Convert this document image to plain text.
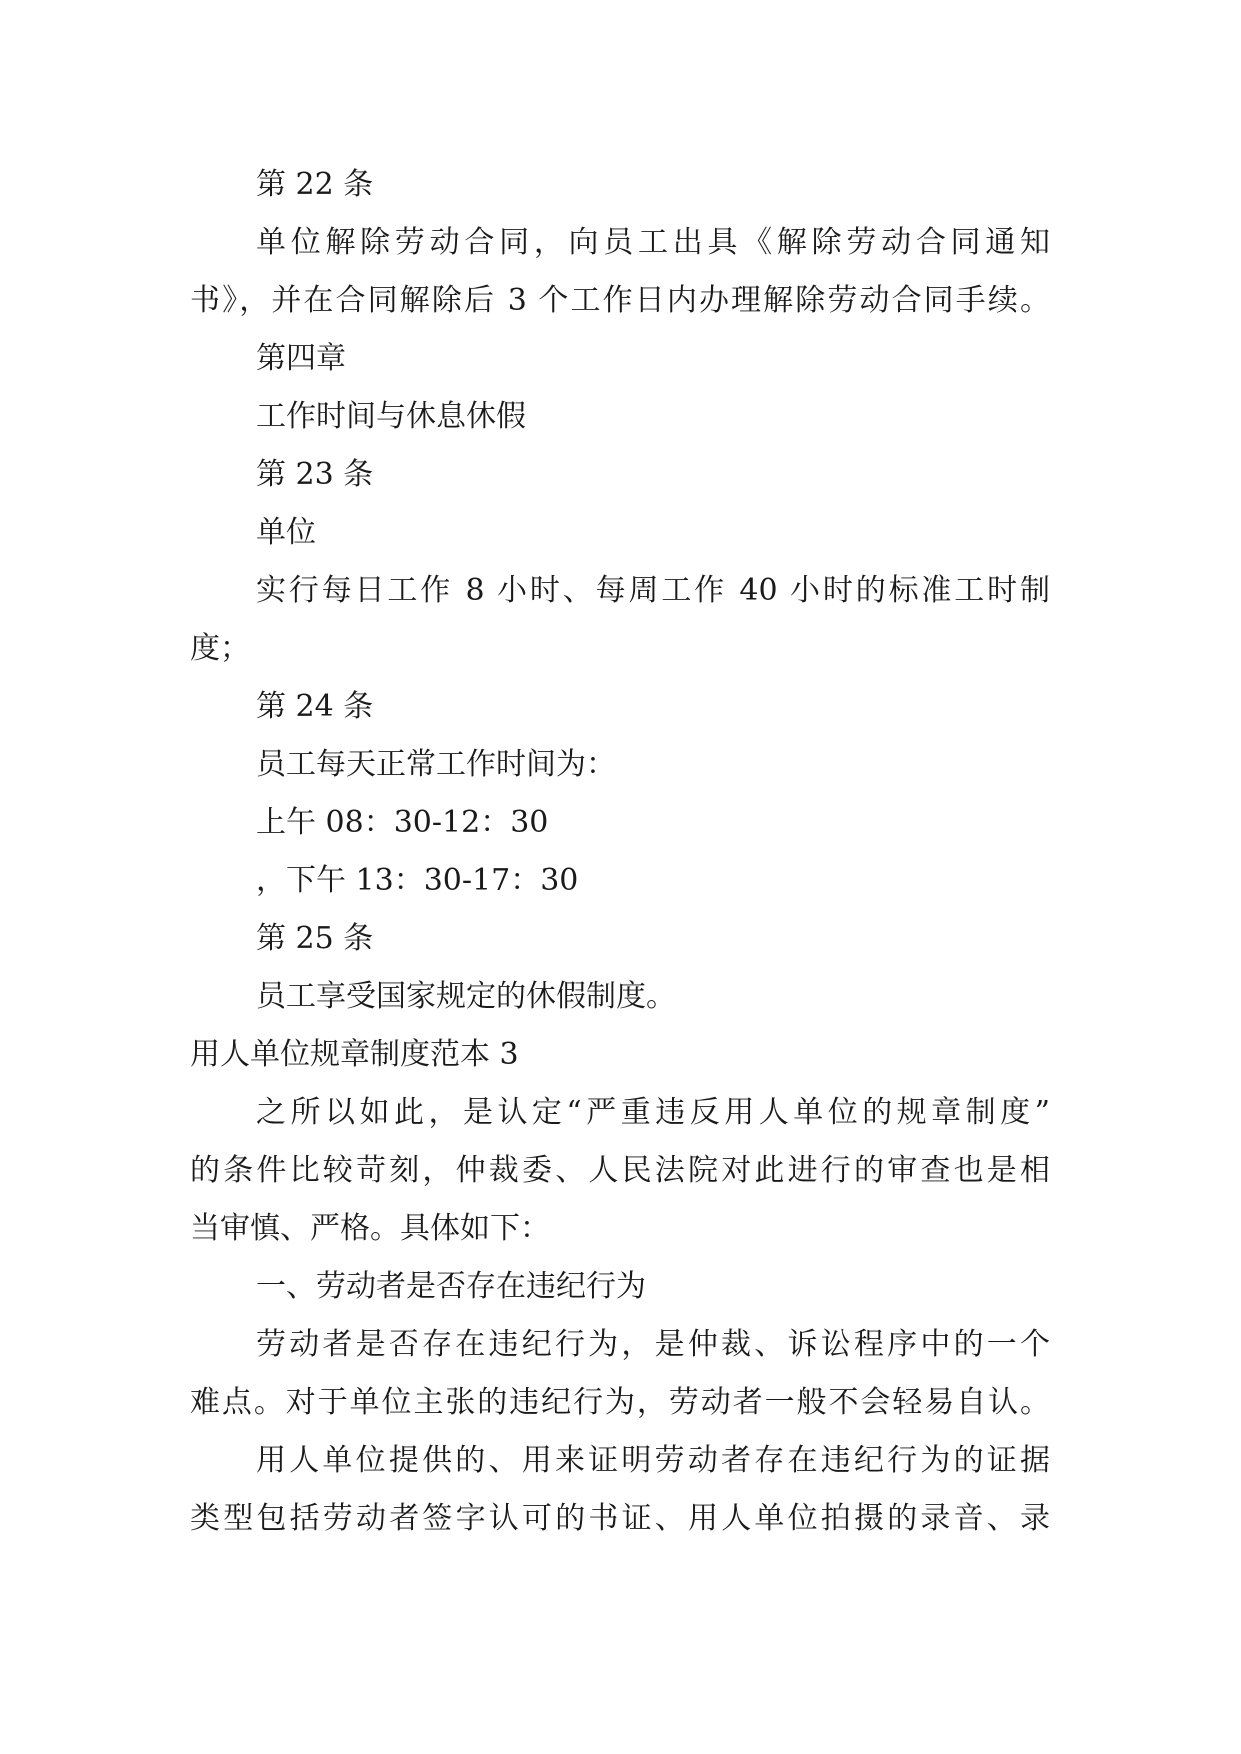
第 22 条
单位解除劳动合同，向员工出具《解除劳动合同通知
书》，并在合同解除后 3 个工作日内办理解除劳动合同手续。
第四章
工作时间与休息休假
第 23 条
单位
实行每日工作 8 小时、每周工作 40 小时的标准工时制
度；
第 24 条
员工每天正常工作时间为：
上午 08：30-12：30
，下午 13：30-17：30
第 25 条
员工享受国家规定的休假制度。
用人单位规章制度范本 3
之所以如此，是认定“严重违反用人单位的规章制度”
的条件比较苛刻，仲裁委、人民法院对此进行的审查也是相
当审慎、严格。具体如下：
一、劳动者是否存在违纪行为
劳动者是否存在违纪行为，是仲裁、诉讼程序中的一个
难点。对于单位主张的违纪行为，劳动者一般不会轻易自认。
用人单位提供的、用来证明劳动者存在违纪行为的证据
类型包括劳动者签字认可的书证、用人单位拍摄的录音、录
